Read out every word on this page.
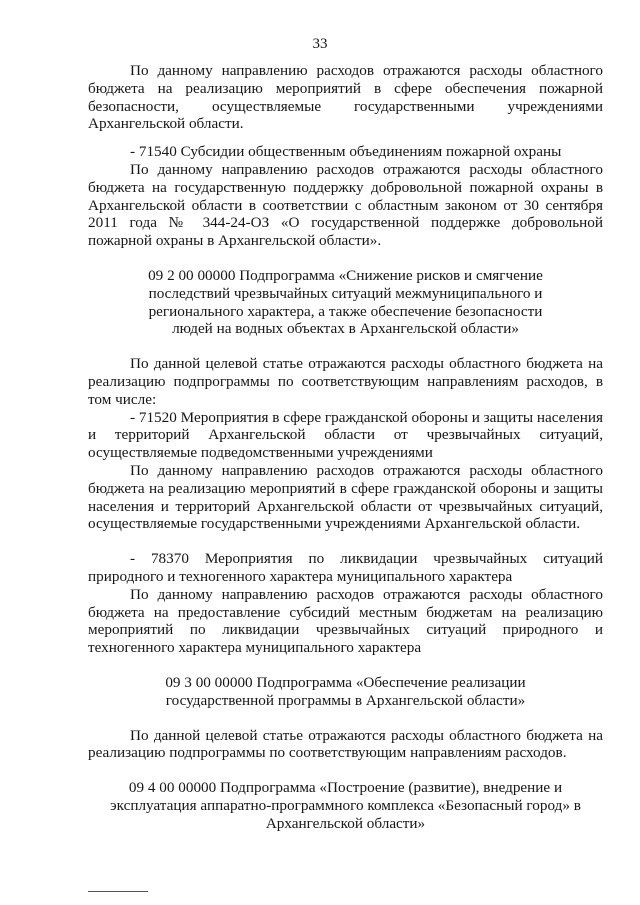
33

По данному направлению расходов отражаются расходы областного бюджета на реализацию мероприятий в сфере обеспечения пожарной безопасности, осуществляемые государственными учреждениями Архангельской области.

- 71540 Субсидии общественным объединениям пожарной охраны

По данному направлению расходов отражаются расходы областного бюджета на государственную поддержку добровольной пожарной охраны в Архангельской области в соответствии с областным законом от 30 сентября 2011 года № 344-24-ОЗ «О государственной поддержке добровольной пожарной охраны в Архангельской области».

09 2 00 00000 Подпрограмма «Снижение рисков и смягчение последствий чрезвычайных ситуаций межмуниципального и регионального характера, а также обеспечение безопасности людей на водных объектах в Архангельской области»

По данной целевой статье отражаются расходы областного бюджета на реализацию подпрограммы по соответствующим направлениям расходов, в том числе:

- 71520 Мероприятия в сфере гражданской обороны и защиты населения и территорий Архангельской области от чрезвычайных ситуаций, осуществляемые подведомственными учреждениями

По данному направлению расходов отражаются расходы областного бюджета на реализацию мероприятий в сфере гражданской обороны и защиты населения и территорий Архангельской области от чрезвычайных ситуаций, осуществляемые государственными учреждениями Архангельской области.

- 78370 Мероприятия по ликвидации чрезвычайных ситуаций природного и техногенного характера муниципального характера

По данному направлению расходов отражаются расходы областного бюджета на предоставление субсидий местным бюджетам на реализацию мероприятий по ликвидации чрезвычайных ситуаций природного и техногенного характера муниципального характера

09 3 00 00000 Подпрограмма «Обеспечение реализации государственной программы в Архангельской области»

По данной целевой статье отражаются расходы областного бюджета на реализацию подпрограммы по соответствующим направлениям расходов.

09 4 00 00000 Подпрограмма «Построение (развитие), внедрение и эксплуатация аппаратно-программного комплекса «Безопасный город» в Архангельской области»
